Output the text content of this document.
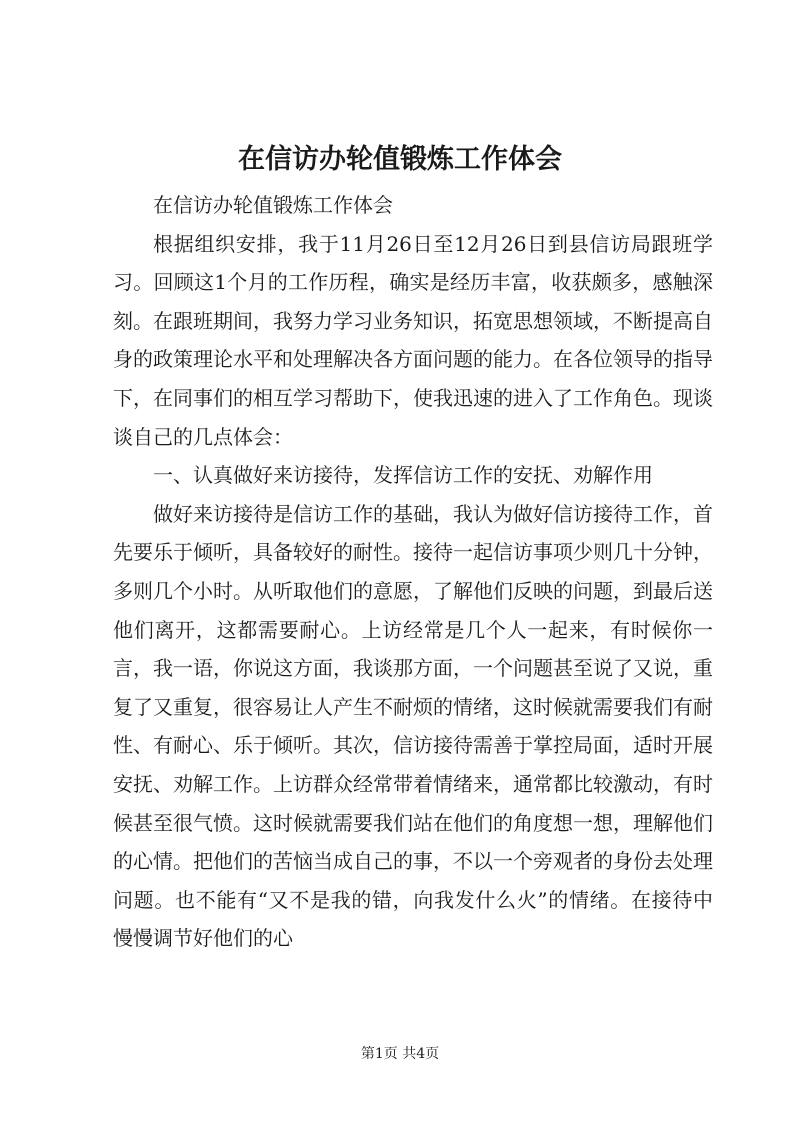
在信访办轮值锻炼工作体会

在信访办轮值锻炼工作体会

根据组织安排，我于11月26日至12月26日到县信访局跟班学习。回顾这1个月的工作历程，确实是经历丰富，收获颇多，感触深刻。在跟班期间，我努力学习业务知识，拓宽思想领域，不断提高自身的政策理论水平和处理解决各方面问题的能力。在各位领导的指导下，在同事们的相互学习帮助下，使我迅速的进入了工作角色。现谈谈自己的几点体会：

一、认真做好来访接待，发挥信访工作的安抚、劝解作用

做好来访接待是信访工作的基础，我认为做好信访接待工作，首先要乐于倾听，具备较好的耐性。接待一起信访事项少则几十分钟，多则几个小时。从听取他们的意愿，了解他们反映的问题，到最后送他们离开，这都需要耐心。上访经常是几个人一起来，有时候你一言，我一语，你说这方面，我谈那方面，一个问题甚至说了又说，重复了又重复，很容易让人产生不耐烦的情绪，这时候就需要我们有耐性、有耐心、乐于倾听。其次，信访接待需善于掌控局面，适时开展安抚、劝解工作。上访群众经常带着情绪来，通常都比较激动，有时候甚至很气愤。这时候就需要我们站在他们的角度想一想，理解他们的心情。把他们的苦恼当成自己的事，不以一个旁观者的身份去处理问题。也不能有“又不是我的错，向我发什么火”的情绪。在接待中慢慢调节好他们的心

第1页 共4页
